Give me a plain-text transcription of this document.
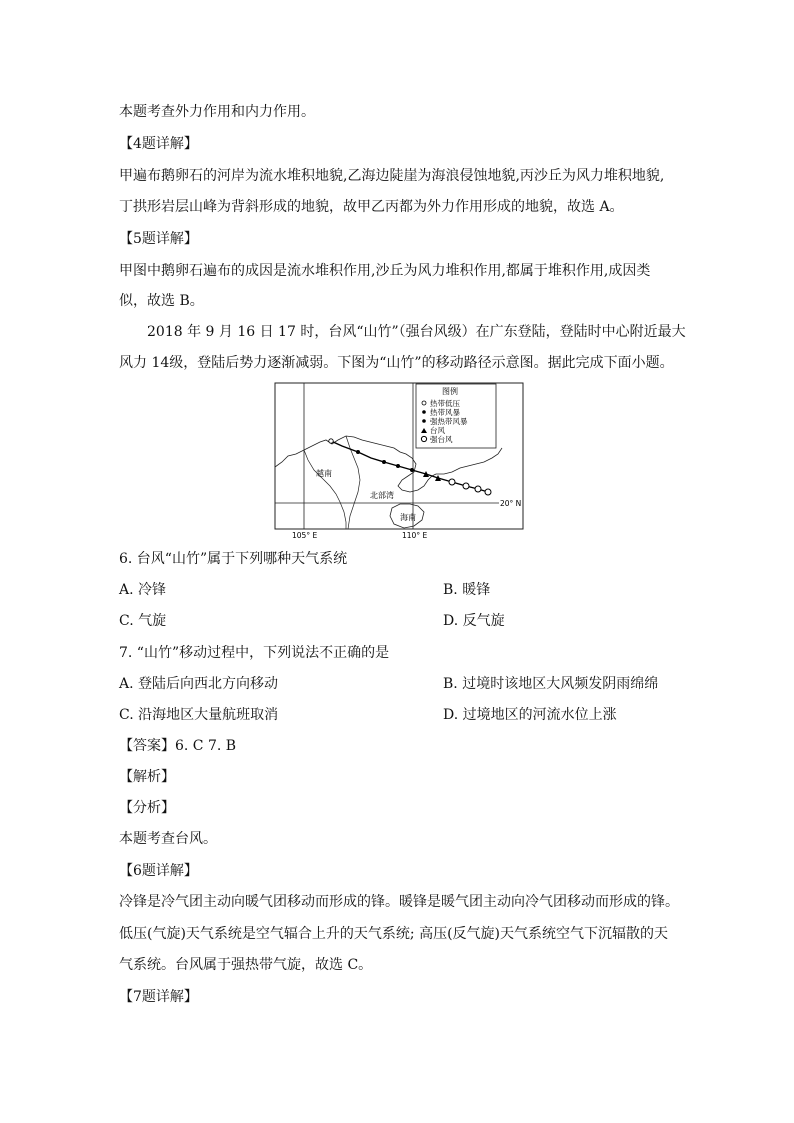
本题考查外力作用和内力作用。
【4题详解】
甲遍布鹅卵石的河岸为流水堆积地貌,乙海边陡崖为海浪侵蚀地貌,丙沙丘为风力堆积地貌,
丁拱形岩层山峰为背斜形成的地貌，故甲乙丙都为外力作用形成的地貌，故选 A。
【5题详解】
甲图中鹅卵石遍布的成因是流水堆积作用,沙丘为风力堆积作用,都属于堆积作用,成因类
似，故选 B。
2018 年 9 月 16 日 17 时，台风“山竹”（强台风级）在广东登陆，登陆时中心附近最大
风力 14级，登陆后势力逐渐减弱。下图为“山竹”的移动路径示意图。据此完成下面小题。
图例
热带低压
热带风暴
强热带风暴
台风
强台风
越南
北部湾
海南
20° N
105° E	110° E
6. 台风“山竹”属于下列哪种天气系统
A. 冷锋	B. 暖锋
C. 气旋	D. 反气旋
7. “山竹”移动过程中，下列说法不正确的是
A. 登陆后向西北方向移动	B. 过境时该地区大风频发阴雨绵绵
C. 沿海地区大量航班取消	D. 过境地区的河流水位上涨
【答案】6. C 7. B
【解析】
【分析】
本题考查台风。
【6题详解】
冷锋是冷气团主动向暖气团移动而形成的锋。暖锋是暖气团主动向冷气团移动而形成的锋。
低压(气旋)天气系统是空气辐合上升的天气系统; 高压(反气旋)天气系统空气下沉辐散的天
气系统。台风属于强热带气旋，故选 C。
【7题详解】
